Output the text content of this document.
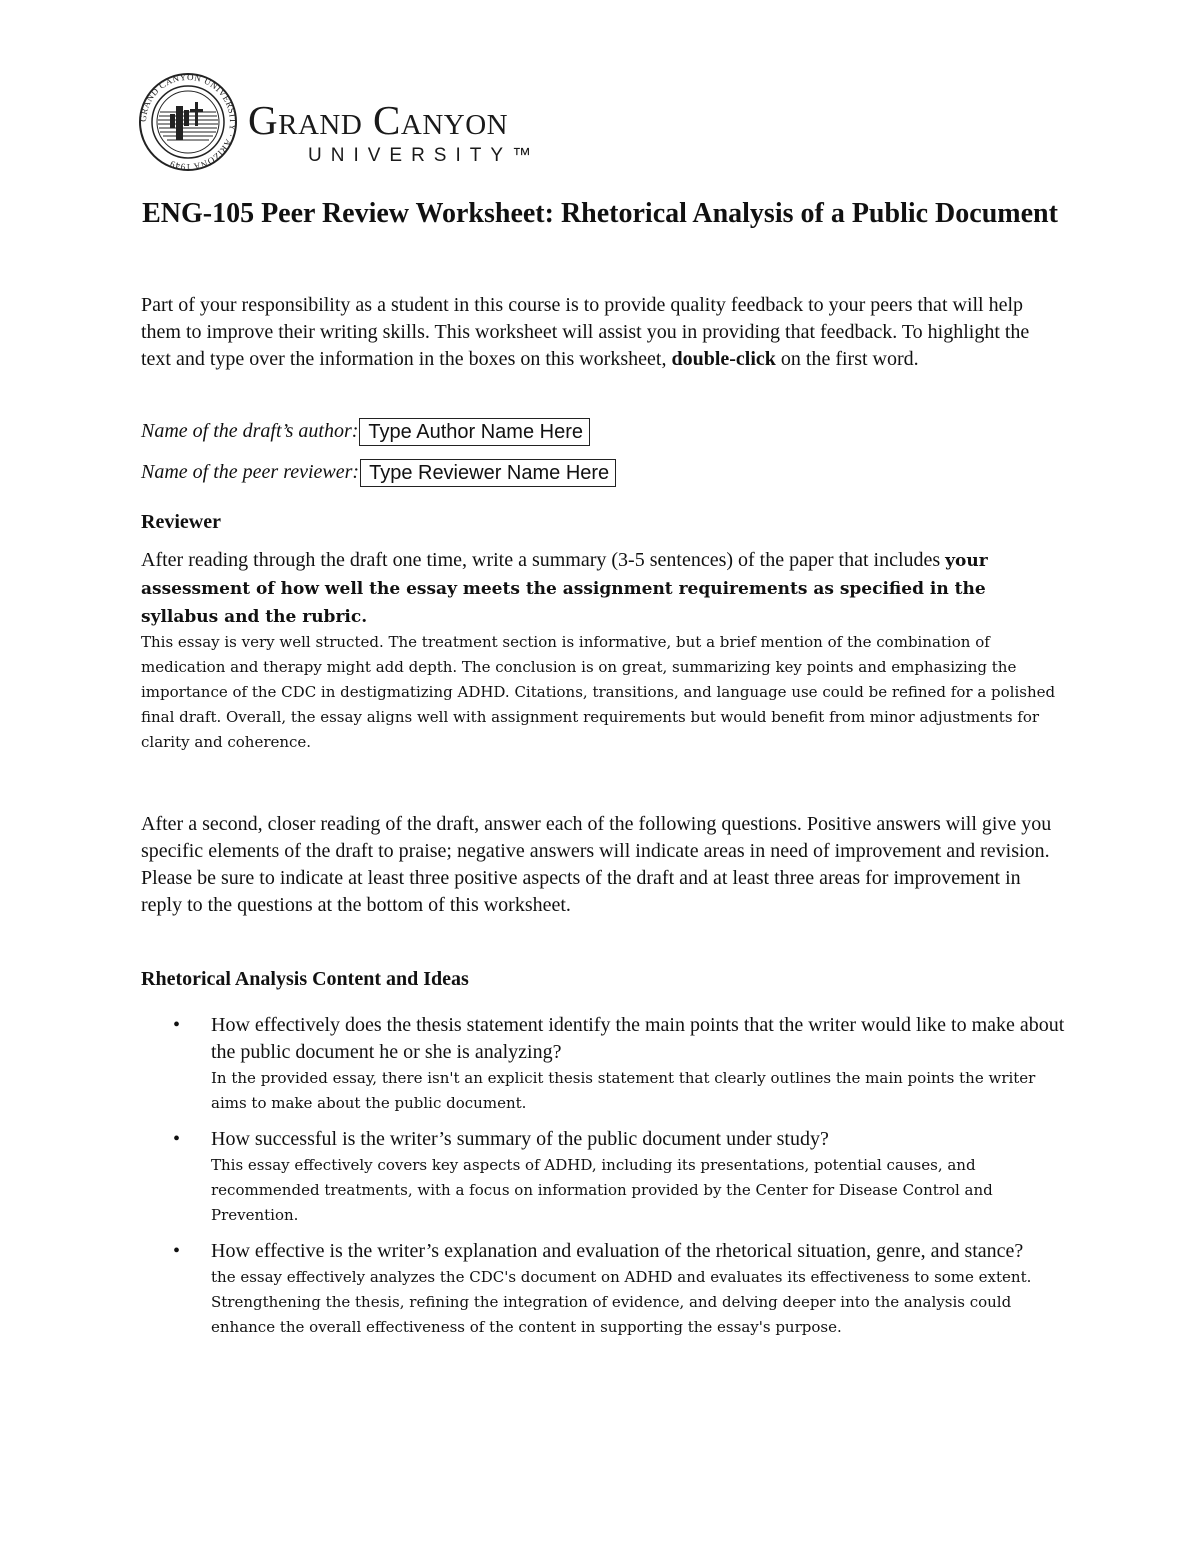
GRAND CANYON UNIVERSITY · ARIZONA 1949
Grand Canyon
UNIVERSITY™
ENG-105 Peer Review Worksheet: Rhetorical Analysis of a Public Document
Part of your responsibility as a student in this course is to provide quality feedback to your peers that will help them to improve their writing skills. This worksheet will assist you in providing that feedback. To highlight the text and type over the information in the boxes on this worksheet, double-click on the first word.
Name of the draft’s author: Type Author Name Here
Name of the peer reviewer: Type Reviewer Name Here
Reviewer
After reading through the draft one time, write a summary (3-5 sentences) of the paper that includes your assessment of how well the essay meets the assignment requirements as specified in the syllabus and the rubric.
This essay is very well structed. The treatment section is informative, but a brief mention of the combination of medication and therapy might add depth. The conclusion is on great, summarizing key points and emphasizing the importance of the CDC in destigmatizing ADHD. Citations, transitions, and language use could be refined for a polished final draft. Overall, the essay aligns well with assignment requirements but would benefit from minor adjustments for clarity and coherence.
After a second, closer reading of the draft, answer each of the following questions. Positive answers will give you specific elements of the draft to praise; negative answers will indicate areas in need of improvement and revision. Please be sure to indicate at least three positive aspects of the draft and at least three areas for improvement in reply to the questions at the bottom of this worksheet.
Rhetorical Analysis Content and Ideas
• How effectively does the thesis statement identify the main points that the writer would like to make about the public document he or she is analyzing?
In the provided essay, there isn't an explicit thesis statement that clearly outlines the main points the writer aims to make about the public document.
• How successful is the writer’s summary of the public document under study?
This essay effectively covers key aspects of ADHD, including its presentations, potential causes, and recommended treatments, with a focus on information provided by the Center for Disease Control and Prevention.
• How effective is the writer’s explanation and evaluation of the rhetorical situation, genre, and stance?
the essay effectively analyzes the CDC's document on ADHD and evaluates its effectiveness to some extent. Strengthening the thesis, refining the integration of evidence, and delving deeper into the analysis could enhance the overall effectiveness of the content in supporting the essay's purpose.
